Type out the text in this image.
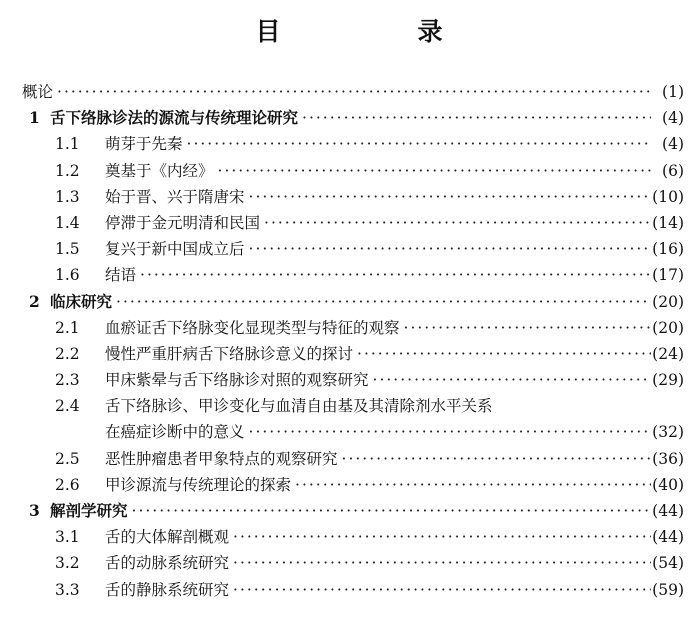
目　录
概论 ·····	(1)
1 舌下络脉诊法的源流与传统理论研究 ·····	(4)
1.1 萌芽于先秦 ·····	(4)
1.2 奠基于《内经》 ·····	(6)
1.3 始于晋、兴于隋唐宋 ·····	(10)
1.4 停滞于金元明清和民国 ·····	(14)
1.5 复兴于新中国成立后 ·····	(16)
1.6 结语 ·····	(17)
2 临床研究 ·····	(20)
2.1 血瘀证舌下络脉变化显现类型与特征的观察 ·····	(20)
2.2 慢性严重肝病舌下络脉诊意义的探讨 ·····	(24)
2.3 甲床紫晕与舌下络脉诊对照的观察研究 ·····	(29)
2.4 舌下络脉诊、甲诊变化与血清自由基及其清除剂水平关系
在癌症诊断中的意义 ·····	(32)
2.5 恶性肿瘤患者甲象特点的观察研究 ·····	(36)
2.6 甲诊源流与传统理论的探索 ·····	(40)
3 解剖学研究 ·····	(44)
3.1 舌的大体解剖概观 ·····	(44)
3.2 舌的动脉系统研究 ·····	(54)
3.3 舌的静脉系统研究 ·····	(59)
